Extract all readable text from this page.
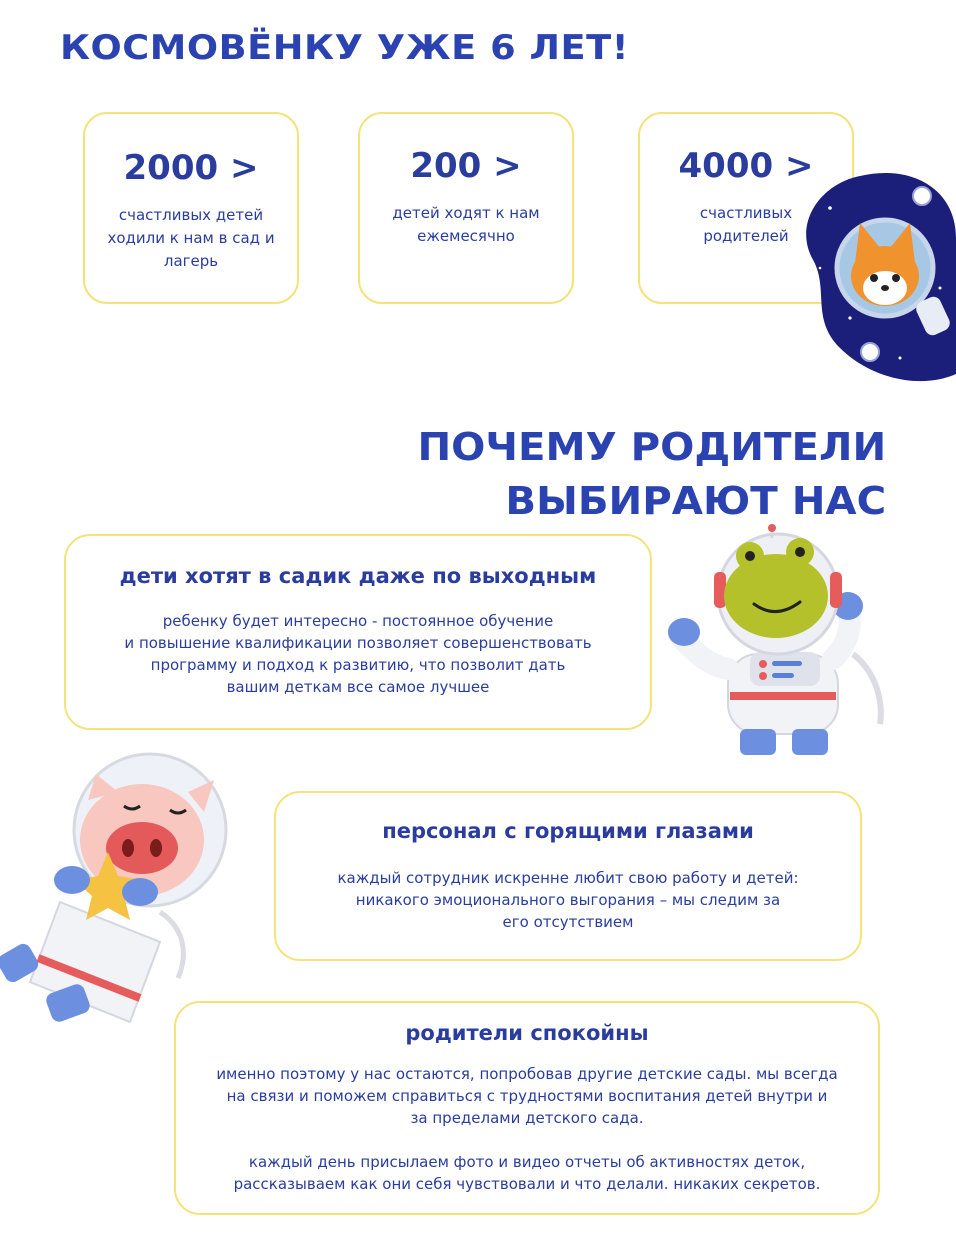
КОСМОВЁНКУ УЖЕ 6 ЛЕТ!
2000 >
счастливых детей ходили к нам в сад и лагерь
200 >
детей ходят к нам ежемесячно
4000 >
счастливых родителей
ПОЧЕМУ РОДИТЕЛИ
ВЫБИРАЮТ НАС
дети хотят в садик даже по выходным
ребенку будет интересно - постоянное обучение
и повышение квалификации позволяет совершенствовать
программу и подход к развитию, что позволит дать
вашим деткам все самое лучшее
персонал с горящими глазами
каждый сотрудник искренне любит свою работу и детей:
никакого эмоционального выгорания – мы следим за
его отсутствием
родители спокойны
именно поэтому у нас остаются, попробовав другие детские сады. мы всегда
на связи и поможем справиться с трудностями воспитания детей внутри и
за пределами детского сада.

каждый день присылаем фото и видео отчеты об активностях деток,
рассказываем как они себя чувствовали и что делали. никаких секретов.
